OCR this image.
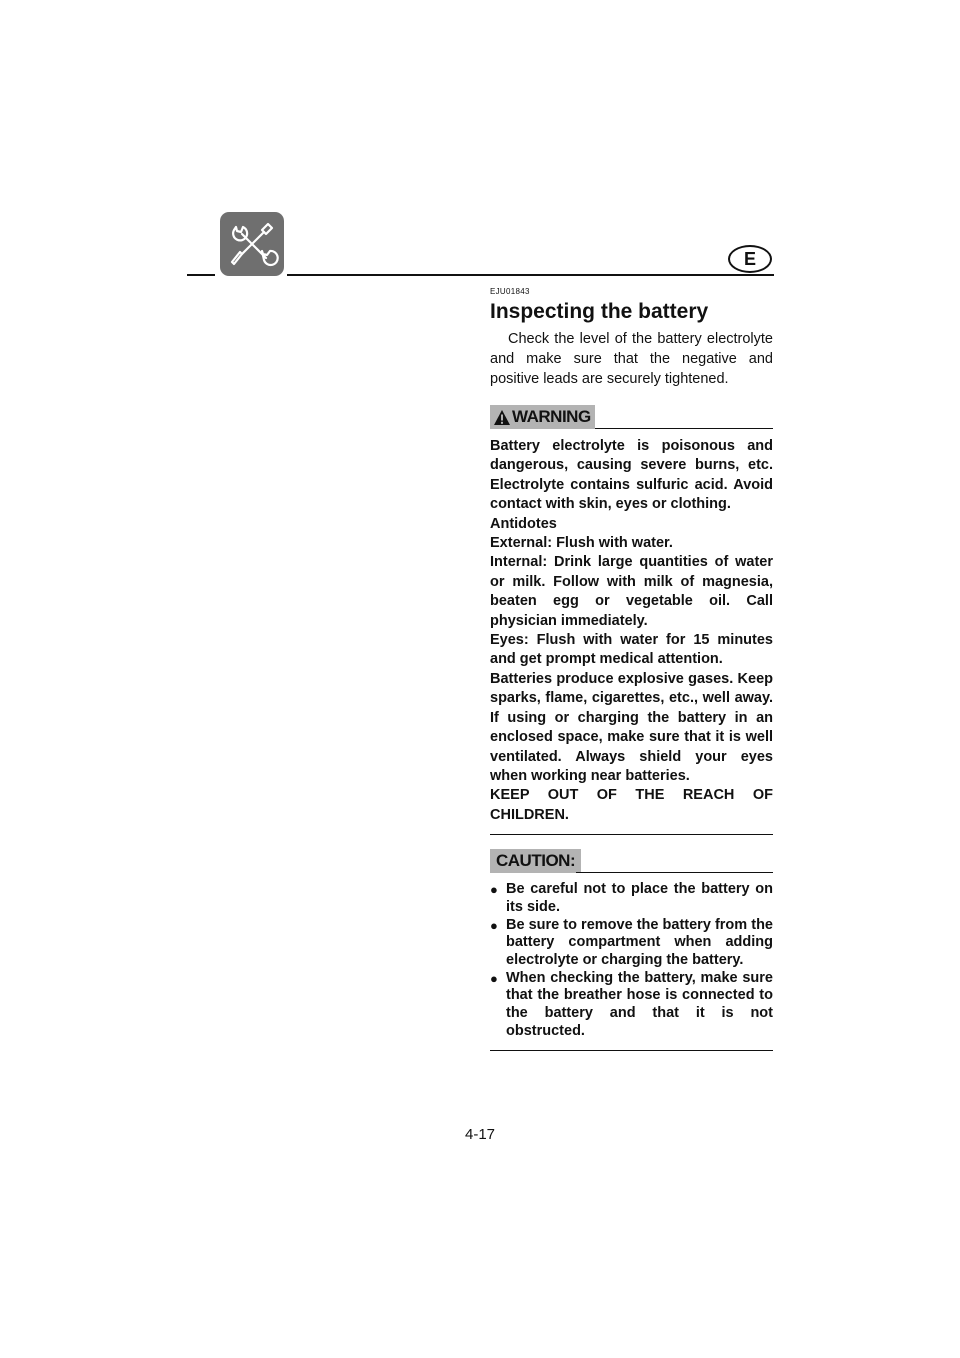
E
EJU01843
Inspecting the battery

Check the level of the battery electrolyte and make sure that the negative and positive leads are securely tightened.

WARNING

Battery electrolyte is poisonous and dangerous, causing severe burns, etc. Electrolyte contains sulfuric acid. Avoid contact with skin, eyes or clothing.

Antidotes

External: Flush with water.

Internal: Drink large quantities of water or milk. Follow with milk of magnesia, beaten egg or vegetable oil. Call physician immediately.

Eyes: Flush with water for 15 minutes and get prompt medical attention.

Batteries produce explosive gases. Keep sparks, flame, cigarettes, etc., well away. If using or charging the battery in an enclosed space, make sure that it is well ventilated. Always shield your eyes when working near batteries.

KEEP OUT OF THE REACH OF CHILDREN.

CAUTION:
● Be careful not to place the battery on its side.
● Be sure to remove the battery from the battery compartment when adding electrolyte or charging the battery.
● When checking the battery, make sure that the breather hose is connected to the battery and that it is not obstructed.
4-17
